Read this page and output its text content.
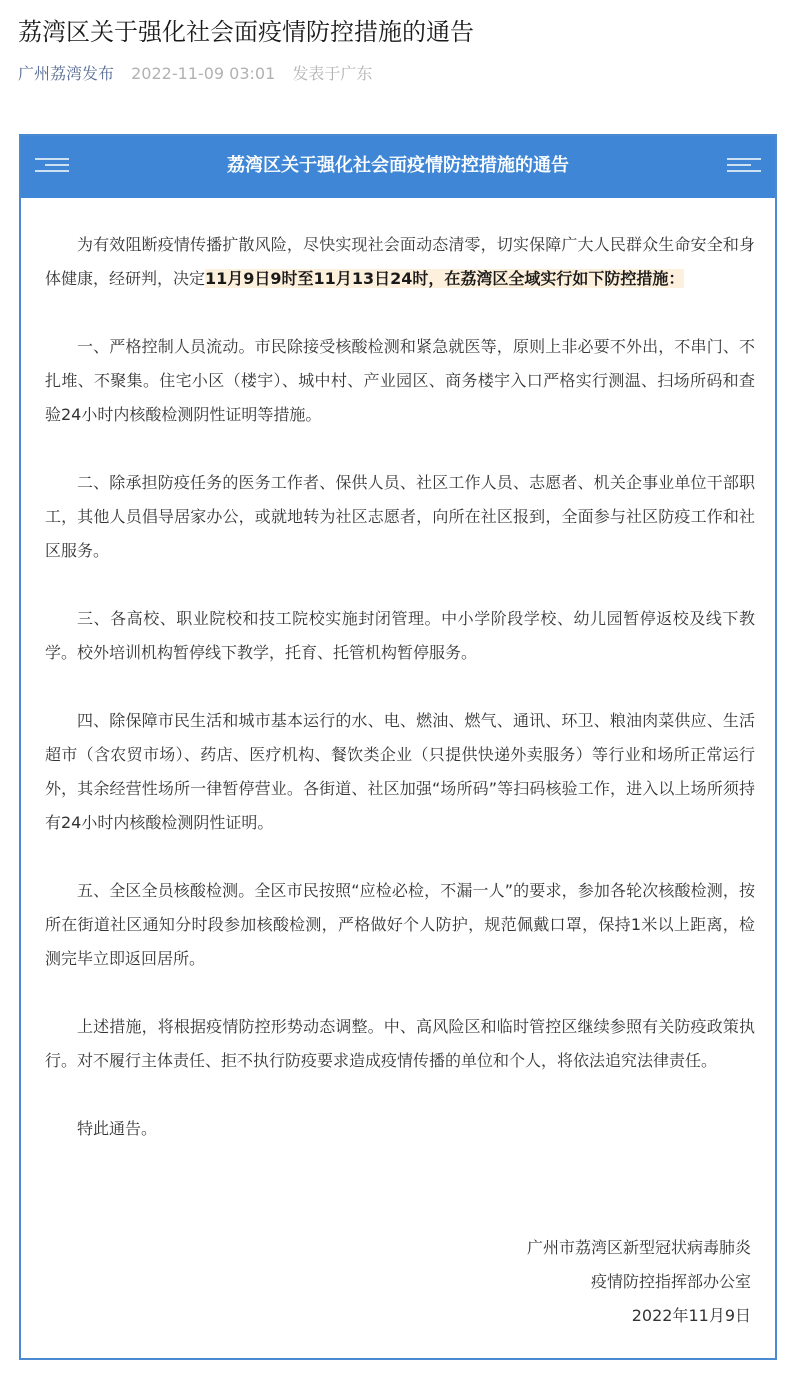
荔湾区关于强化社会面疫情防控措施的通告
广州荔湾发布 2022-11-09 03:01 发表于广东
荔湾区关于强化社会面疫情防控措施的通告

为有效阻断疫情传播扩散风险，尽快实现社会面动态清零，切实保障广大人民群众生命安全和身体健康，经研判，决定11月9日9时至11月13日24时，在荔湾区全域实行如下防控措施：

一、严格控制人员流动。市民除接受核酸检测和紧急就医等，原则上非必要不外出，不串门、不扎堆、不聚集。住宅小区（楼宇）、城中村、产业园区、商务楼宇入口严格实行测温、扫场所码和查验24小时内核酸检测阴性证明等措施。

二、除承担防疫任务的医务工作者、保供人员、社区工作人员、志愿者、机关企事业单位干部职工，其他人员倡导居家办公，或就地转为社区志愿者，向所在社区报到，全面参与社区防疫工作和社区服务。

三、各高校、职业院校和技工院校实施封闭管理。中小学阶段学校、幼儿园暂停返校及线下教学。校外培训机构暂停线下教学，托育、托管机构暂停服务。

四、除保障市民生活和城市基本运行的水、电、燃油、燃气、通讯、环卫、粮油肉菜供应、生活超市（含农贸市场）、药店、医疗机构、餐饮类企业（只提供快递外卖服务）等行业和场所正常运行外，其余经营性场所一律暂停营业。各街道、社区加强“场所码”等扫码核验工作，进入以上场所须持有24小时内核酸检测阴性证明。

五、全区全员核酸检测。全区市民按照“应检必检，不漏一人”的要求，参加各轮次核酸检测，按所在街道社区通知分时段参加核酸检测，严格做好个人防护，规范佩戴口罩，保持1米以上距离，检测完毕立即返回居所。

上述措施，将根据疫情防控形势动态调整。中、高风险区和临时管控区继续参照有关防疫政策执行。对不履行主体责任、拒不执行防疫要求造成疫情传播的单位和个人，将依法追究法律责任。

特此通告。

广州市荔湾区新型冠状病毒肺炎
疫情防控指挥部办公室
2022年11月9日
